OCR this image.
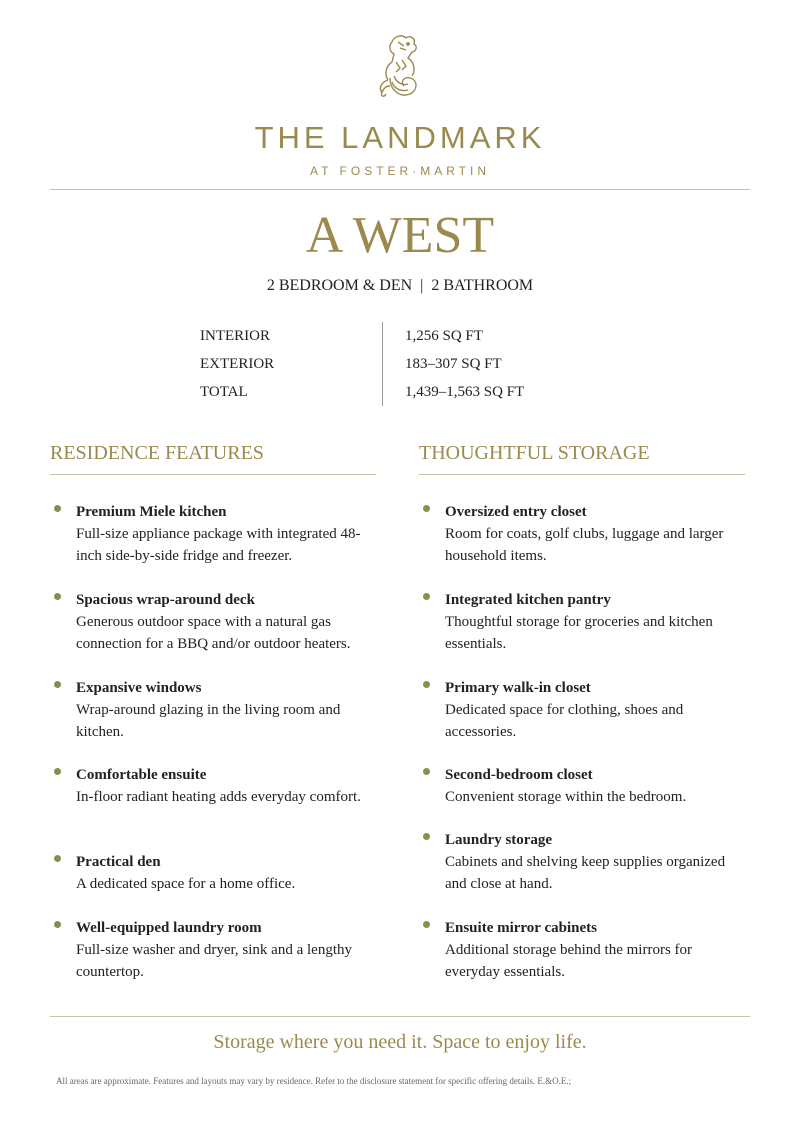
THE LANDMARK
AT FOSTER·MARTIN
A WEST
2 BEDROOM & DEN  |  2 BATHROOM
INTERIOR	1,256 SQ FT
EXTERIOR	183–307 SQ FT
TOTAL	1,439–1,563 SQ FT
RESIDENCE FEATURES
Premium Miele kitchen
Full-size appliance package with integrated 48-inch side-by-side fridge and freezer.
Spacious wrap-around deck
Generous outdoor space with a natural gas connection for a BBQ and/or outdoor heaters.
Expansive windows
Wrap-around glazing in the living room and kitchen.
Comfortable ensuite
In-floor radiant heating adds everyday comfort.
Practical den
A dedicated space for a home office.
Well-equipped laundry room
Full-size washer and dryer, sink and a lengthy countertop.
THOUGHTFUL STORAGE
Oversized entry closet
Room for coats, golf clubs, luggage and larger household items.
Integrated kitchen pantry
Thoughtful storage for groceries and kitchen essentials.
Primary walk-in closet
Dedicated space for clothing, shoes and accessories.
Second-bedroom closet
Convenient storage within the bedroom.
Laundry storage
Cabinets and shelving keep supplies organized and close at hand.
Ensuite mirror cabinets
Additional storage behind the mirrors for everyday essentials.
Storage where you need it. Space to enjoy life.
All areas are approximate. Features and layouts may vary by residence. Refer to the disclosure statement for specific offering details. E.&O.E.;
